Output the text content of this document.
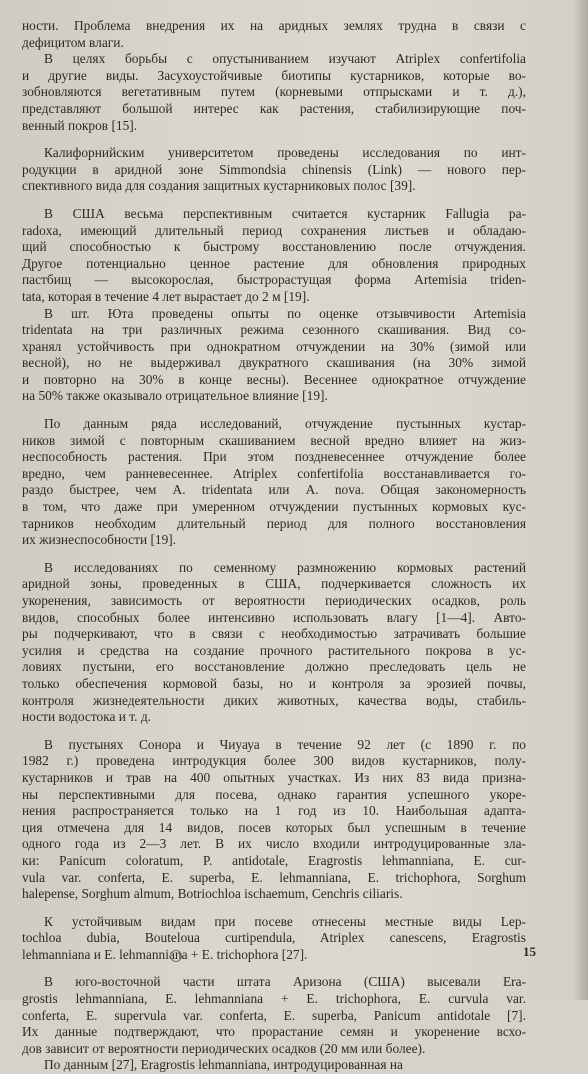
ности. Проблема внедрения их на аридных землях трудна в связи с
дефицитом влаги.

В целях борьбы с опустыниванием изучают Atriplex confertifolia
и другие виды. Засухоустойчивые биотипы кустарников, которые во-
зобновляются вегетативным путем (корневыми отпрысками и т. д.),
представляют большой интерес как растения, стабилизирующие поч-
венный покров [15].

Калифорнийским университетом проведены исследования по инт-
родукции в аридной зоне Simmondsia chinensis (Link) — нового пер-
спективного вида для создания защитных кустарниковых полос [39].

В США весьма перспективным считается кустарник Fallugia pa-
radoxa, имеющий длительный период сохранения листьев и обладаю-
щий способностью к быстрому восстановлению после отчуждения.
Другое потенциально ценное растение для обновления природных
пастбищ — высокорослая, быстрорастущая форма Artemisia triden-
tata, которая в течение 4 лет вырастает до 2 м [19].

В шт. Юта проведены опыты по оценке отзывчивости Artemisia
tridentata на три различных режима сезонного скашивания. Вид со-
хранял устойчивость при однократном отчуждении на 30% (зимой или
весной), но не выдерживал двукратного скашивания (на 30% зимой
и повторно на 30% в конце весны). Весеннее однократное отчуждение
на 50% также оказывало отрицательное влияние [19].

По данным ряда исследований, отчуждение пустынных кустар-
ников зимой с повторным скашиванием весной вредно влияет на жиз-
неспособность растения. При этом поздневесеннее отчуждение более
вредно, чем ранневесеннее. Atriplex confertifolia восстанавливается го-
раздо быстрее, чем A. tridentata или A. nova. Общая закономерность
в том, что даже при умеренном отчуждении пустынных кормовых кус-
тарников необходим длительный период для полного восстановления
их жизнеспособности [19].

В исследованиях по семенному размножению кормовых растений
аридной зоны, проведенных в США, подчеркивается сложность их
укоренения, зависимость от вероятности периодических осадков, роль
видов, способных более интенсивно использовать влагу [1—4]. Авто-
ры подчеркивают, что в связи с необходимостью затрачивать большие
усилия и средства на создание прочного растительного покрова в ус-
ловиях пустыни, его восстановление должно преследовать цель не
только обеспечения кормовой базы, но и контроля за эрозией почвы,
контроля жизнедеятельности диких животных, качества воды, стабиль-
ности водостока и т. д.

В пустынях Сонора и Чиуауа в течение 92 лет (с 1890 г. по
1982 г.) проведена интродукция более 300 видов кустарников, полу-
кустарников и трав на 400 опытных участках. Из них 83 вида призна-
ны перспективными для посева, однако гарантия успешного укоре-
нения распространяется только на 1 год из 10. Наибольшая адапта-
ция отмечена для 14 видов, посев которых был успешным в течение
одного года из 2—3 лет. В их число входили интродуцированные зла-
ки: Panicum coloratum, P. antidotale, Eragrostis lehmanniana, E. cur-
vula var. conferta, E. superba, E. lehmanniana, E. trichophora, Sorghum
halepense, Sorghum almum, Botriochloa ischaemum, Cenchris ciliaris.

К устойчивым видам при посеве отнесены местные виды Lep-
tochloa dubia, Bouteloua curtipendula, Atriplex canescens, Eragrostis
lehmanniana и E. lehmanniana + E. trichophora [27].

В юго-восточной части штата Аризона (США) высевали Era-
grostis lehmanniana, E. lehmanniana + E. trichophora, E. curvula var.
conferta, E. supervula var. conferta, E. superba, Panicum antidotale [7].
Их данные подтверждают, что прорастание семян и укоренение всхо-
дов зависит от вероятности периодических осадков (20 мм или более).

По данным [27], Eragrostis lehmanniana, интродуцированная на

15
